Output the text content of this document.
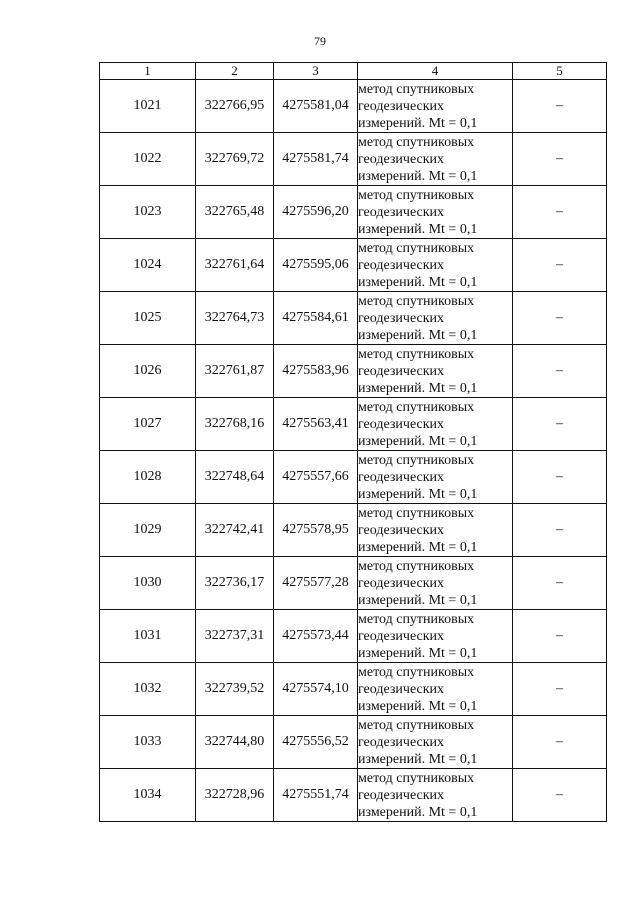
79
1	2	3	4	5
1021	322766,95	4275581,04	метод спутниковых
геодезических
измерений. Mt = 0,1	–
1022	322769,72	4275581,74	метод спутниковых
геодезических
измерений. Mt = 0,1	–
1023	322765,48	4275596,20	метод спутниковых
геодезических
измерений. Mt = 0,1	–
1024	322761,64	4275595,06	метод спутниковых
геодезических
измерений. Mt = 0,1	–
1025	322764,73	4275584,61	метод спутниковых
геодезических
измерений. Mt = 0,1	–
1026	322761,87	4275583,96	метод спутниковых
геодезических
измерений. Mt = 0,1	–
1027	322768,16	4275563,41	метод спутниковых
геодезических
измерений. Mt = 0,1	–
1028	322748,64	4275557,66	метод спутниковых
геодезических
измерений. Mt = 0,1	–
1029	322742,41	4275578,95	метод спутниковых
геодезических
измерений. Mt = 0,1	–
1030	322736,17	4275577,28	метод спутниковых
геодезических
измерений. Mt = 0,1	–
1031	322737,31	4275573,44	метод спутниковых
геодезических
измерений. Mt = 0,1	–
1032	322739,52	4275574,10	метод спутниковых
геодезических
измерений. Mt = 0,1	–
1033	322744,80	4275556,52	метод спутниковых
геодезических
измерений. Mt = 0,1	–
1034	322728,96	4275551,74	метод спутниковых
геодезических
измерений. Mt = 0,1	–
